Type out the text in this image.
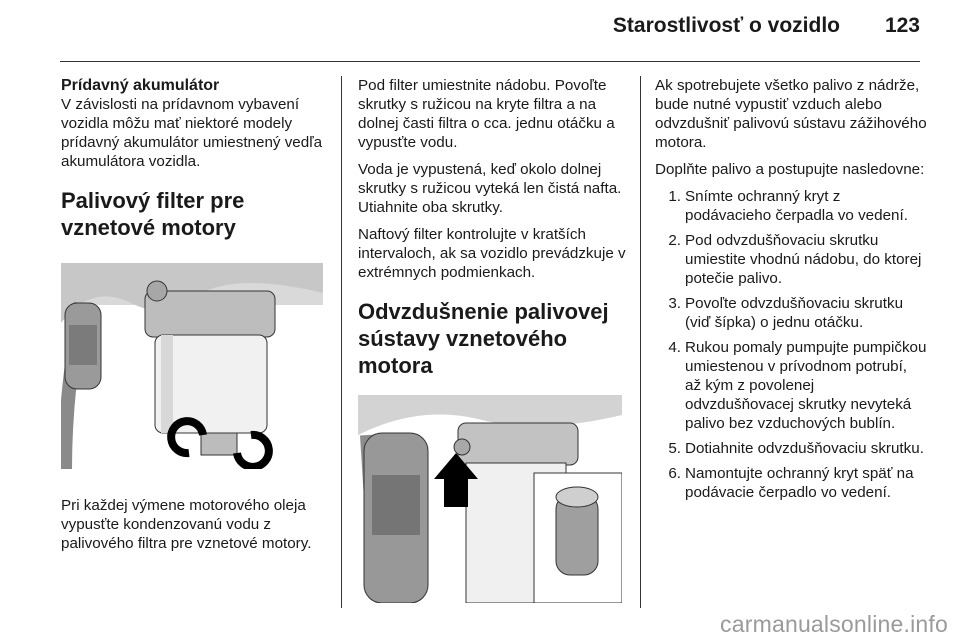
Starostlivosť o vozidlo 123
Prídavný akumulátor

V závislosti na prídavnom vybavení vozidla môžu mať niektoré modely prídavný akumulátor umiestnený vedľa akumulátora vozidla.

Palivový filter pre vznetové motory

Pri každej výmene motorového oleja vypusťte kondenzovanú vodu z palivového filtra pre vznetové motory.

Pod filter umiestnite nádobu. Povoľte skrutky s ružicou na kryte filtra a na dolnej časti filtra o cca. jednu otáčku a vypusťte vodu.

Voda je vypustená, keď okolo dolnej skrutky s ružicou vyteká len čistá nafta. Utiahnite oba skrutky.

Naftový filter kontrolujte v kratších intervaloch, ak sa vozidlo prevádzkuje v extrémnych podmienkach.

Odvzdušnenie palivovej sústavy vznetového motora

Ak spotrebujete všetko palivo z nádrže, bude nutné vypustiť vzduch alebo odvzdušniť palivovú sústavu zážihového motora.

Doplňte palivo a postupujte nasledovne:

1. Snímte ochranný kryt z podávacieho čerpadla vo vedení.
2. Pod odvzdušňovaciu skrutku umiestite vhodnú nádobu, do ktorej potečie palivo.
3. Povoľte odvzdušňovaciu skrutku (viď šípka) o jednu otáčku.
4. Rukou pomaly pumpujte pumpičkou umiestenou v prívodnom potrubí, až kým z povolenej odvzdušňovacej skrutky nevyteká palivo bez vzduchových bublín.
5. Dotiahnite odvzdušňovaciu skrutku.
6. Namontujte ochranný kryt späť na podávacie čerpadlo vo vedení.
carmanualsonline.info
